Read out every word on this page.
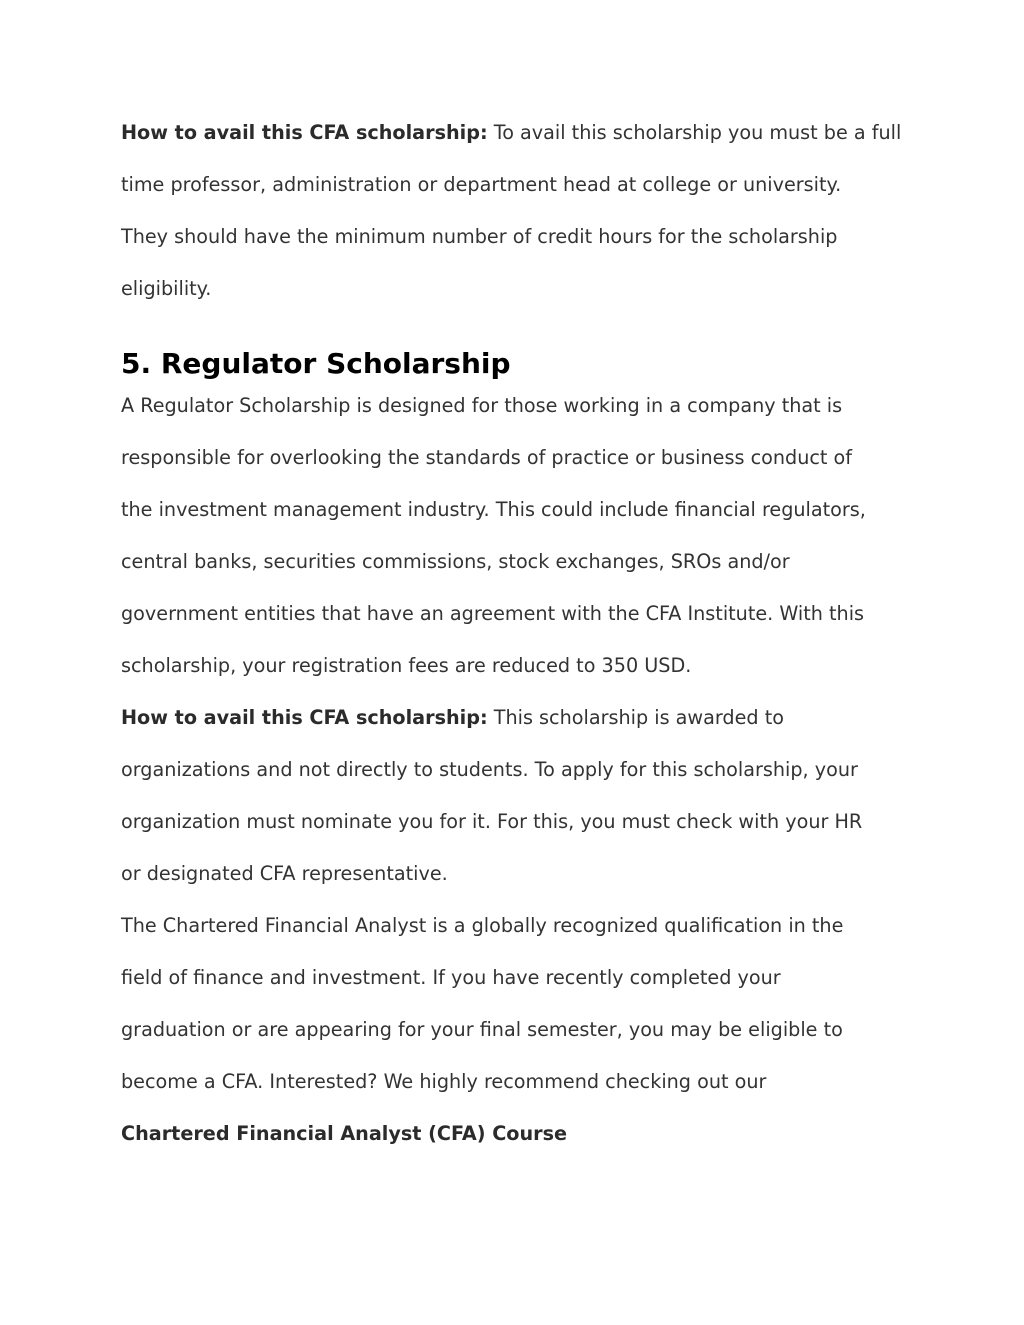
How to avail this CFA scholarship: To avail this scholarship you must be a full
time professor, administration or department head at college or university.
They should have the minimum number of credit hours for the scholarship
eligibility.
5. Regulator Scholarship
A Regulator Scholarship is designed for those working in a company that is
responsible for overlooking the standards of practice or business conduct of
the investment management industry. This could include financial regulators,
central banks, securities commissions, stock exchanges, SROs and/or
government entities that have an agreement with the CFA Institute. With this
scholarship, your registration fees are reduced to 350 USD.
How to avail this CFA scholarship: This scholarship is awarded to
organizations and not directly to students. To apply for this scholarship, your
organization must nominate you for it. For this, you must check with your HR
or designated CFA representative.
The Chartered Financial Analyst is a globally recognized qualification in the
field of finance and investment. If you have recently completed your
graduation or are appearing for your final semester, you may be eligible to
become a CFA. Interested? We highly recommend checking out our
Chartered Financial Analyst (CFA) Course
